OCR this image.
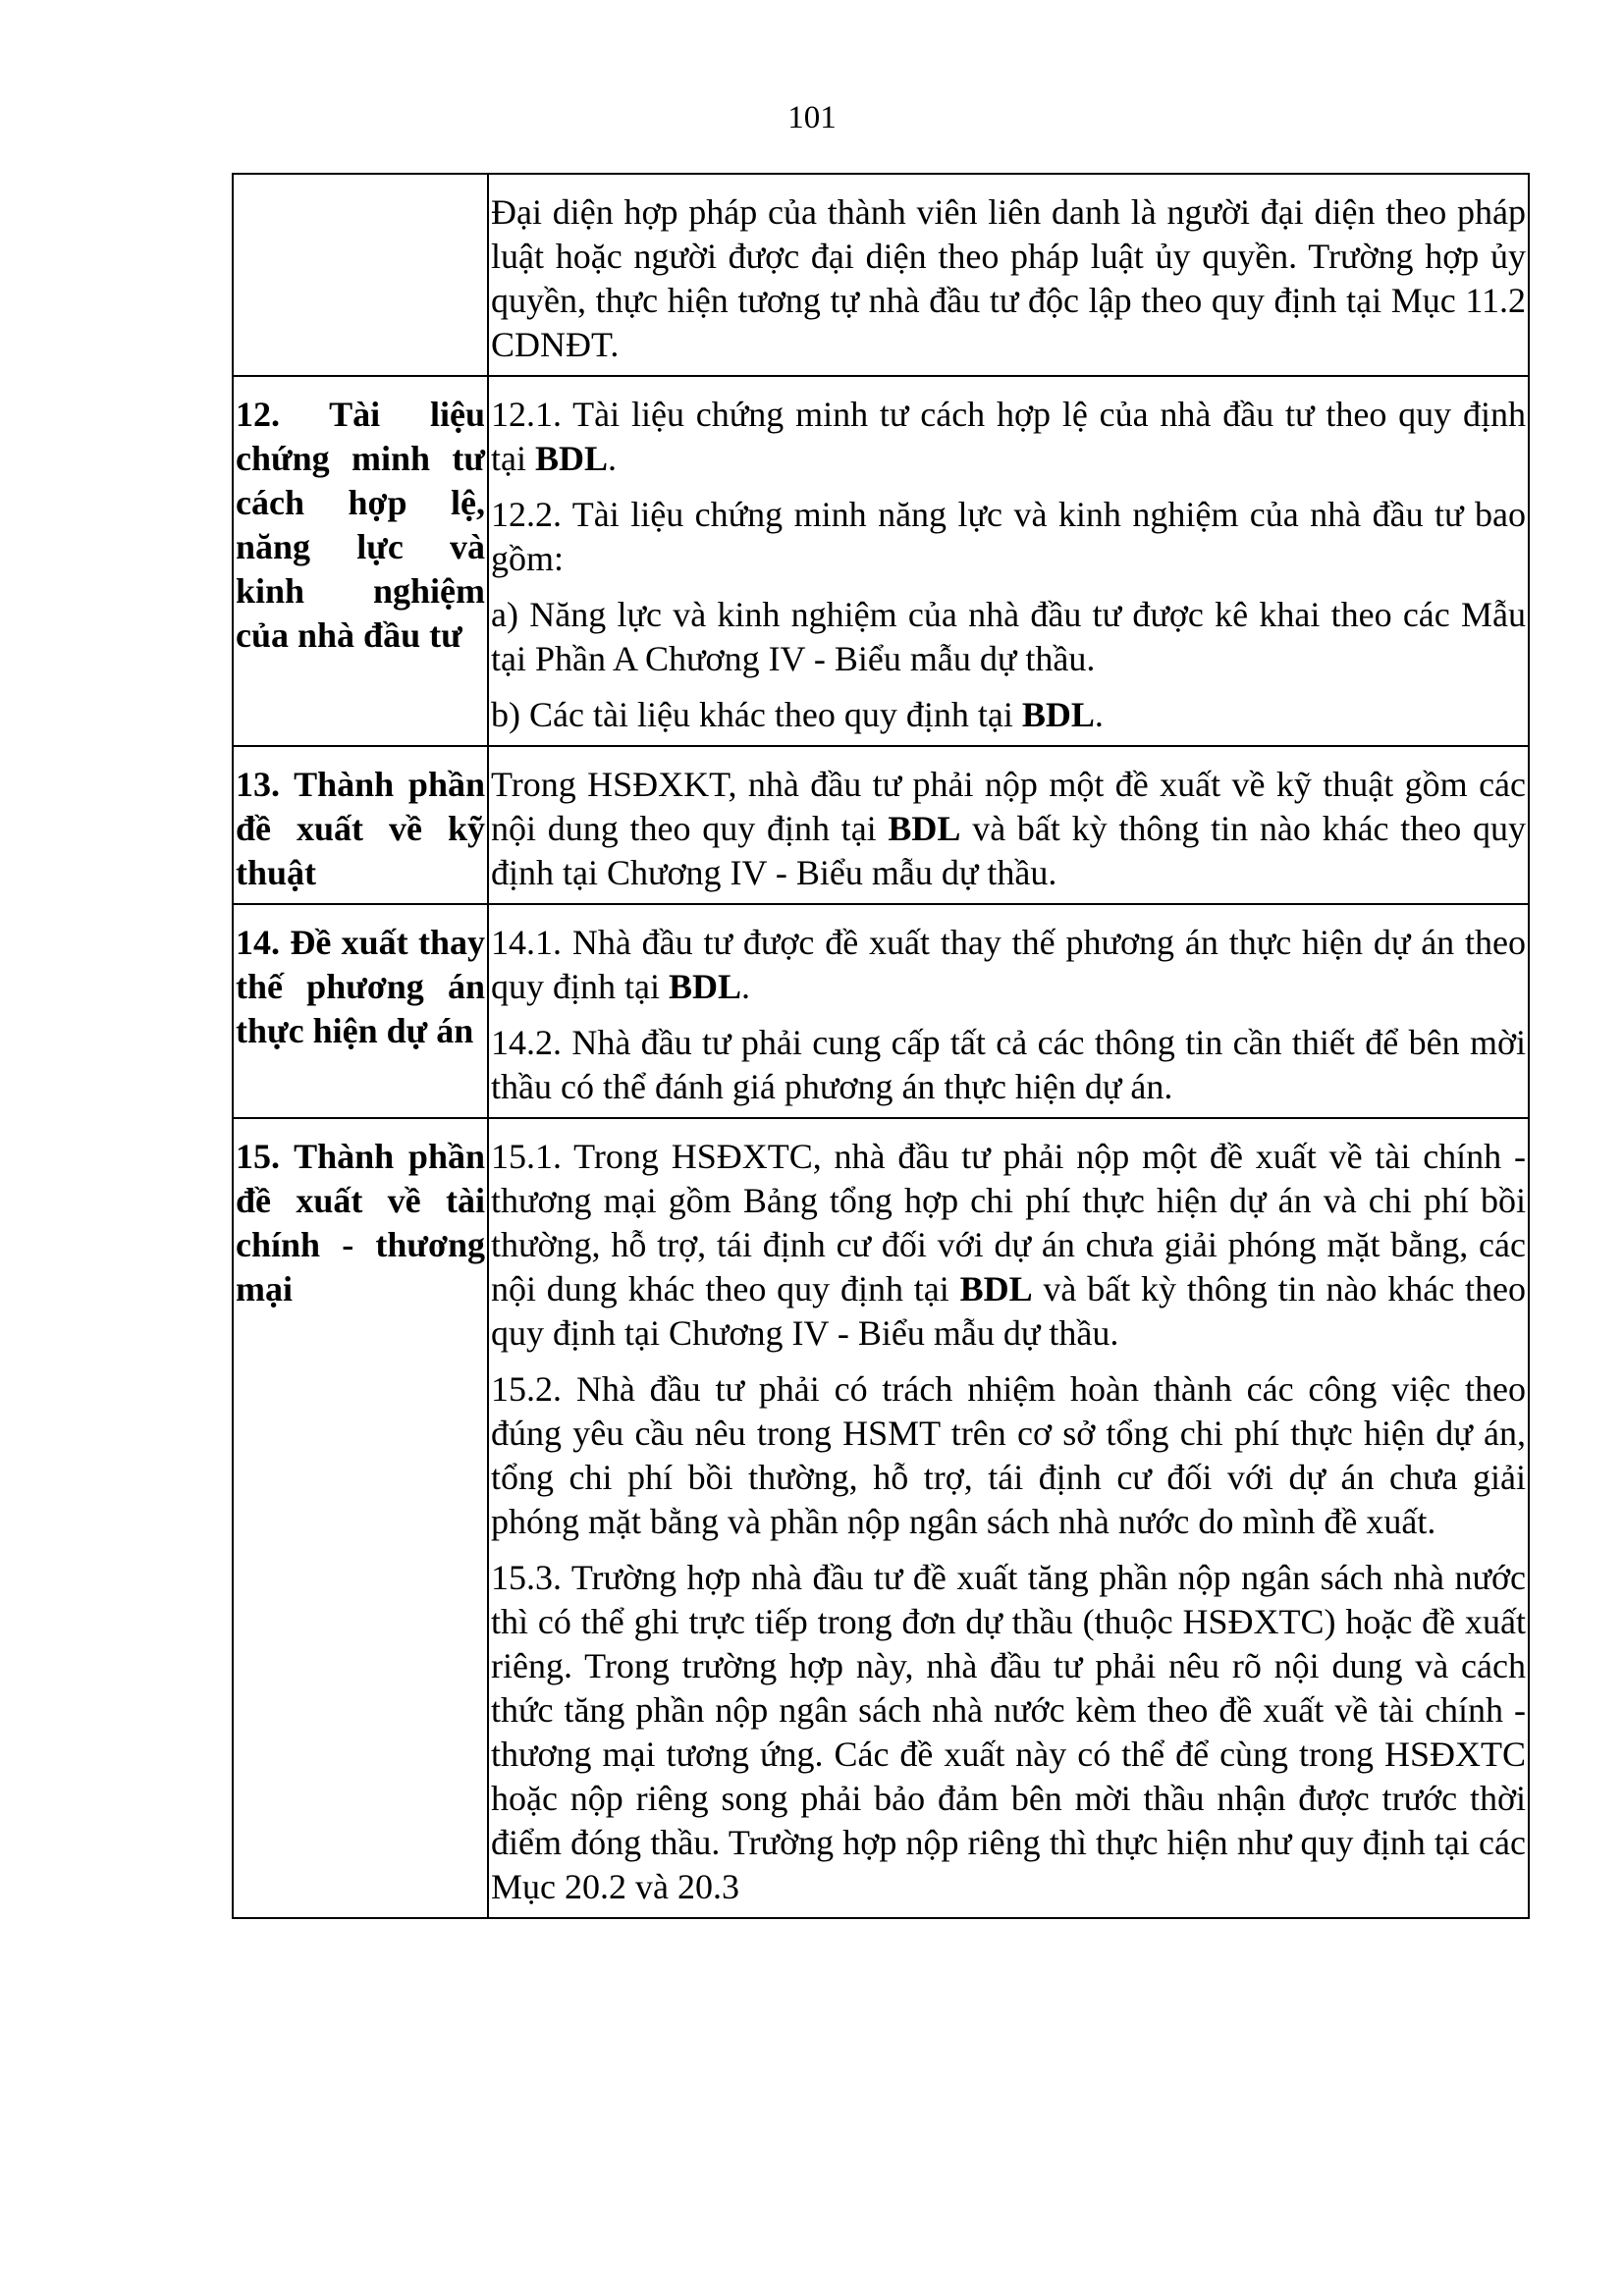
101

	Đại diện hợp pháp của thành viên liên danh là người đại diện theo pháp luật hoặc người được đại diện theo pháp luật ủy quyền. Trường hợp ủy quyền, thực hiện tương tự nhà đầu tư độc lập theo quy định tại Mục 11.2 CDNĐT.

12. Tài liệu chứng minh tư cách hợp lệ, năng lực và kinh nghiệm của nhà đầu tư	12.1. Tài liệu chứng minh tư cách hợp lệ của nhà đầu tư theo quy định tại BDL.

12.2. Tài liệu chứng minh năng lực và kinh nghiệm của nhà đầu tư bao gồm:

a) Năng lực và kinh nghiệm của nhà đầu tư được kê khai theo các Mẫu tại Phần A Chương IV - Biểu mẫu dự thầu.

b) Các tài liệu khác theo quy định tại BDL.

13. Thành phần đề xuất về kỹ thuật	Trong HSĐXKT, nhà đầu tư phải nộp một đề xuất về kỹ thuật gồm các nội dung theo quy định tại BDL và bất kỳ thông tin nào khác theo quy định tại Chương IV - Biểu mẫu dự thầu.

14. Đề xuất thay thế phương án thực hiện dự án	14.1. Nhà đầu tư được đề xuất thay thế phương án thực hiện dự án theo quy định tại BDL.

14.2. Nhà đầu tư phải cung cấp tất cả các thông tin cần thiết để bên mời thầu có thể đánh giá phương án thực hiện dự án.

15. Thành phần đề xuất về tài chính - thương mại	15.1. Trong HSĐXTC, nhà đầu tư phải nộp một đề xuất về tài chính - thương mại gồm Bảng tổng hợp chi phí thực hiện dự án và chi phí bồi thường, hỗ trợ, tái định cư đối với dự án chưa giải phóng mặt bằng, các nội dung khác theo quy định tại BDL và bất kỳ thông tin nào khác theo quy định tại Chương IV - Biểu mẫu dự thầu.

15.2. Nhà đầu tư phải có trách nhiệm hoàn thành các công việc theo đúng yêu cầu nêu trong HSMT trên cơ sở tổng chi phí thực hiện dự án, tổng chi phí bồi thường, hỗ trợ, tái định cư đối với dự án chưa giải phóng mặt bằng và phần nộp ngân sách nhà nước do mình đề xuất.

15.3. Trường hợp nhà đầu tư đề xuất tăng phần nộp ngân sách nhà nước thì có thể ghi trực tiếp trong đơn dự thầu (thuộc HSĐXTC) hoặc đề xuất riêng. Trong trường hợp này, nhà đầu tư phải nêu rõ nội dung và cách thức tăng phần nộp ngân sách nhà nước kèm theo đề xuất về tài chính - thương mại tương ứng. Các đề xuất này có thể để cùng trong HSĐXTC hoặc nộp riêng song phải bảo đảm bên mời thầu nhận được trước thời điểm đóng thầu. Trường hợp nộp riêng thì thực hiện như quy định tại các Mục 20.2 và 20.3
